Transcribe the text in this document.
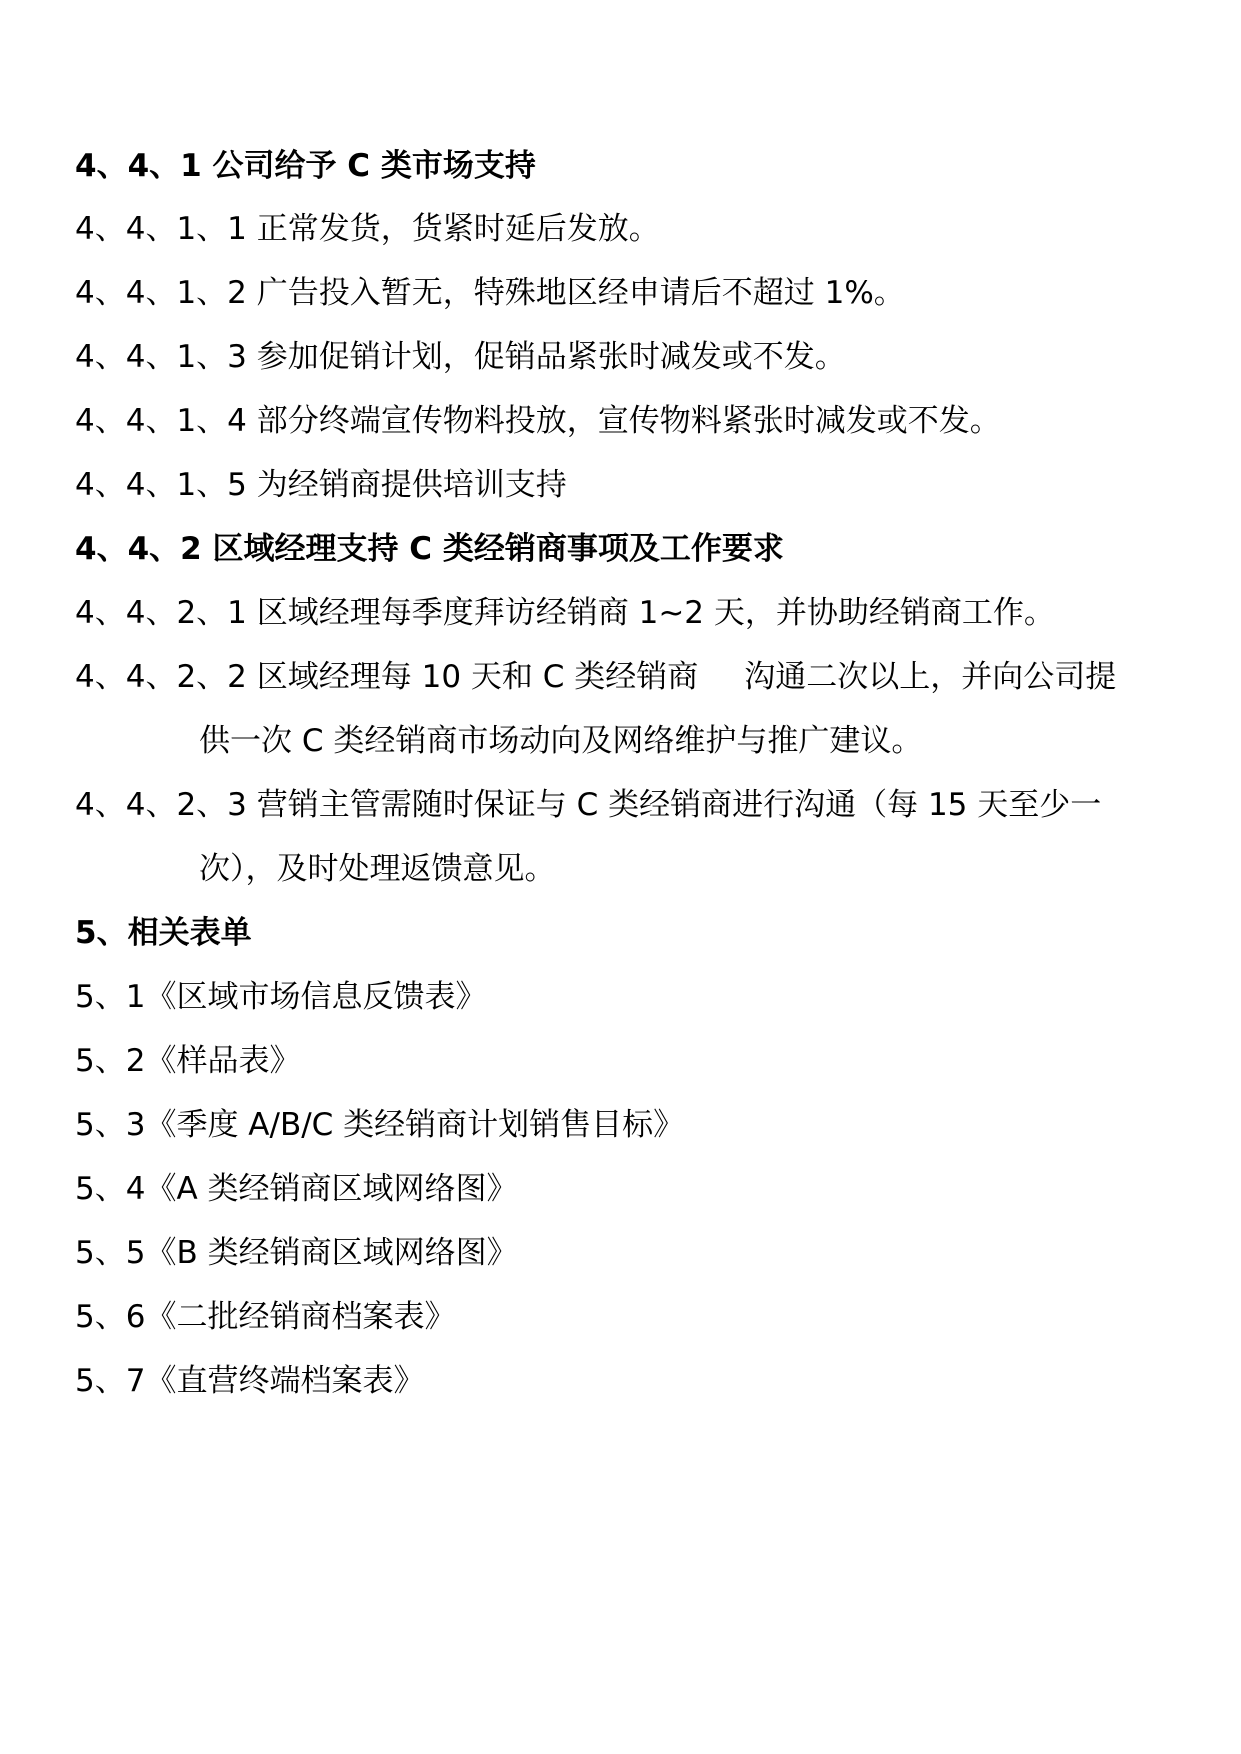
4、4、1 公司给予 C 类市场支持
4、4、1、1 正常发货，货紧时延后发放。
4、4、1、2 广告投入暂无，特殊地区经申请后不超过 1%。
4、4、1、3 参加促销计划，促销品紧张时减发或不发。
4、4、1、4 部分终端宣传物料投放，宣传物料紧张时减发或不发。
4、4、1、5 为经销商提供培训支持
4、4、2 区域经理支持 C 类经销商事项及工作要求
4、4、2、1 区域经理每季度拜访经销商 1~2 天，并协助经销商工作。
4、4、2、2 区域经理每 10 天和 C 类经销商 沟通二次以上，并向公司提
供一次 C 类经销商市场动向及网络维护与推广建议。
4、4、2、3 营销主管需随时保证与 C 类经销商进行沟通（每 15 天至少一
次），及时处理返馈意见。
5、相关表单
5、1《区域市场信息反馈表》
5、2《样品表》
5、3《季度 A/B/C 类经销商计划销售目标》
5、4《A 类经销商区域网络图》
5、5《B 类经销商区域网络图》
5、6《二批经销商档案表》
5、7《直营终端档案表》
